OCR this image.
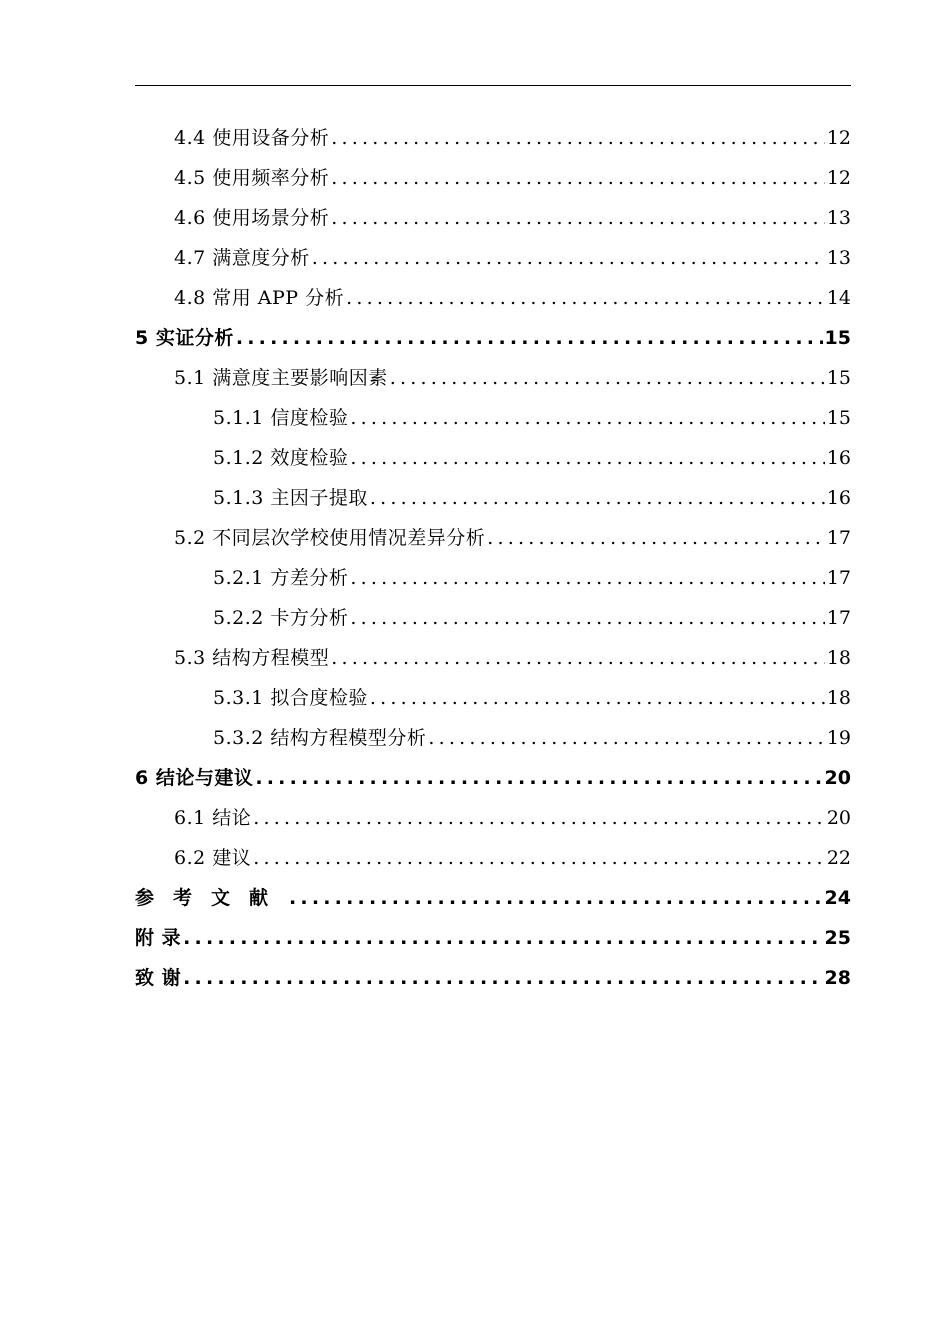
4.4 使用设备分析 .....	12
4.5 使用频率分析 .....	12
4.6 使用场景分析 .....	13
4.7 满意度分析 .....	13
4.8 常用 APP 分析 .....	14
5 实证分析 .....	15
5.1 满意度主要影响因素 .....	15
5.1.1 信度检验 .....	15
5.1.2 效度检验 .....	16
5.1.3 主因子提取 .....	16
5.2 不同层次学校使用情况差异分析 .....	17
5.2.1 方差分析 .....	17
5.2.2 卡方分析 .....	17
5.3 结构方程模型 .....	18
5.3.1 拟合度检验 .....	18
5.3.2 结构方程模型分析 .....	19
6 结论与建议 .....	20
6.1 结论 .....	20
6.2 建议 .....	22
参考文献 .....	24
附 录 .....	25
致 谢 .....	28
